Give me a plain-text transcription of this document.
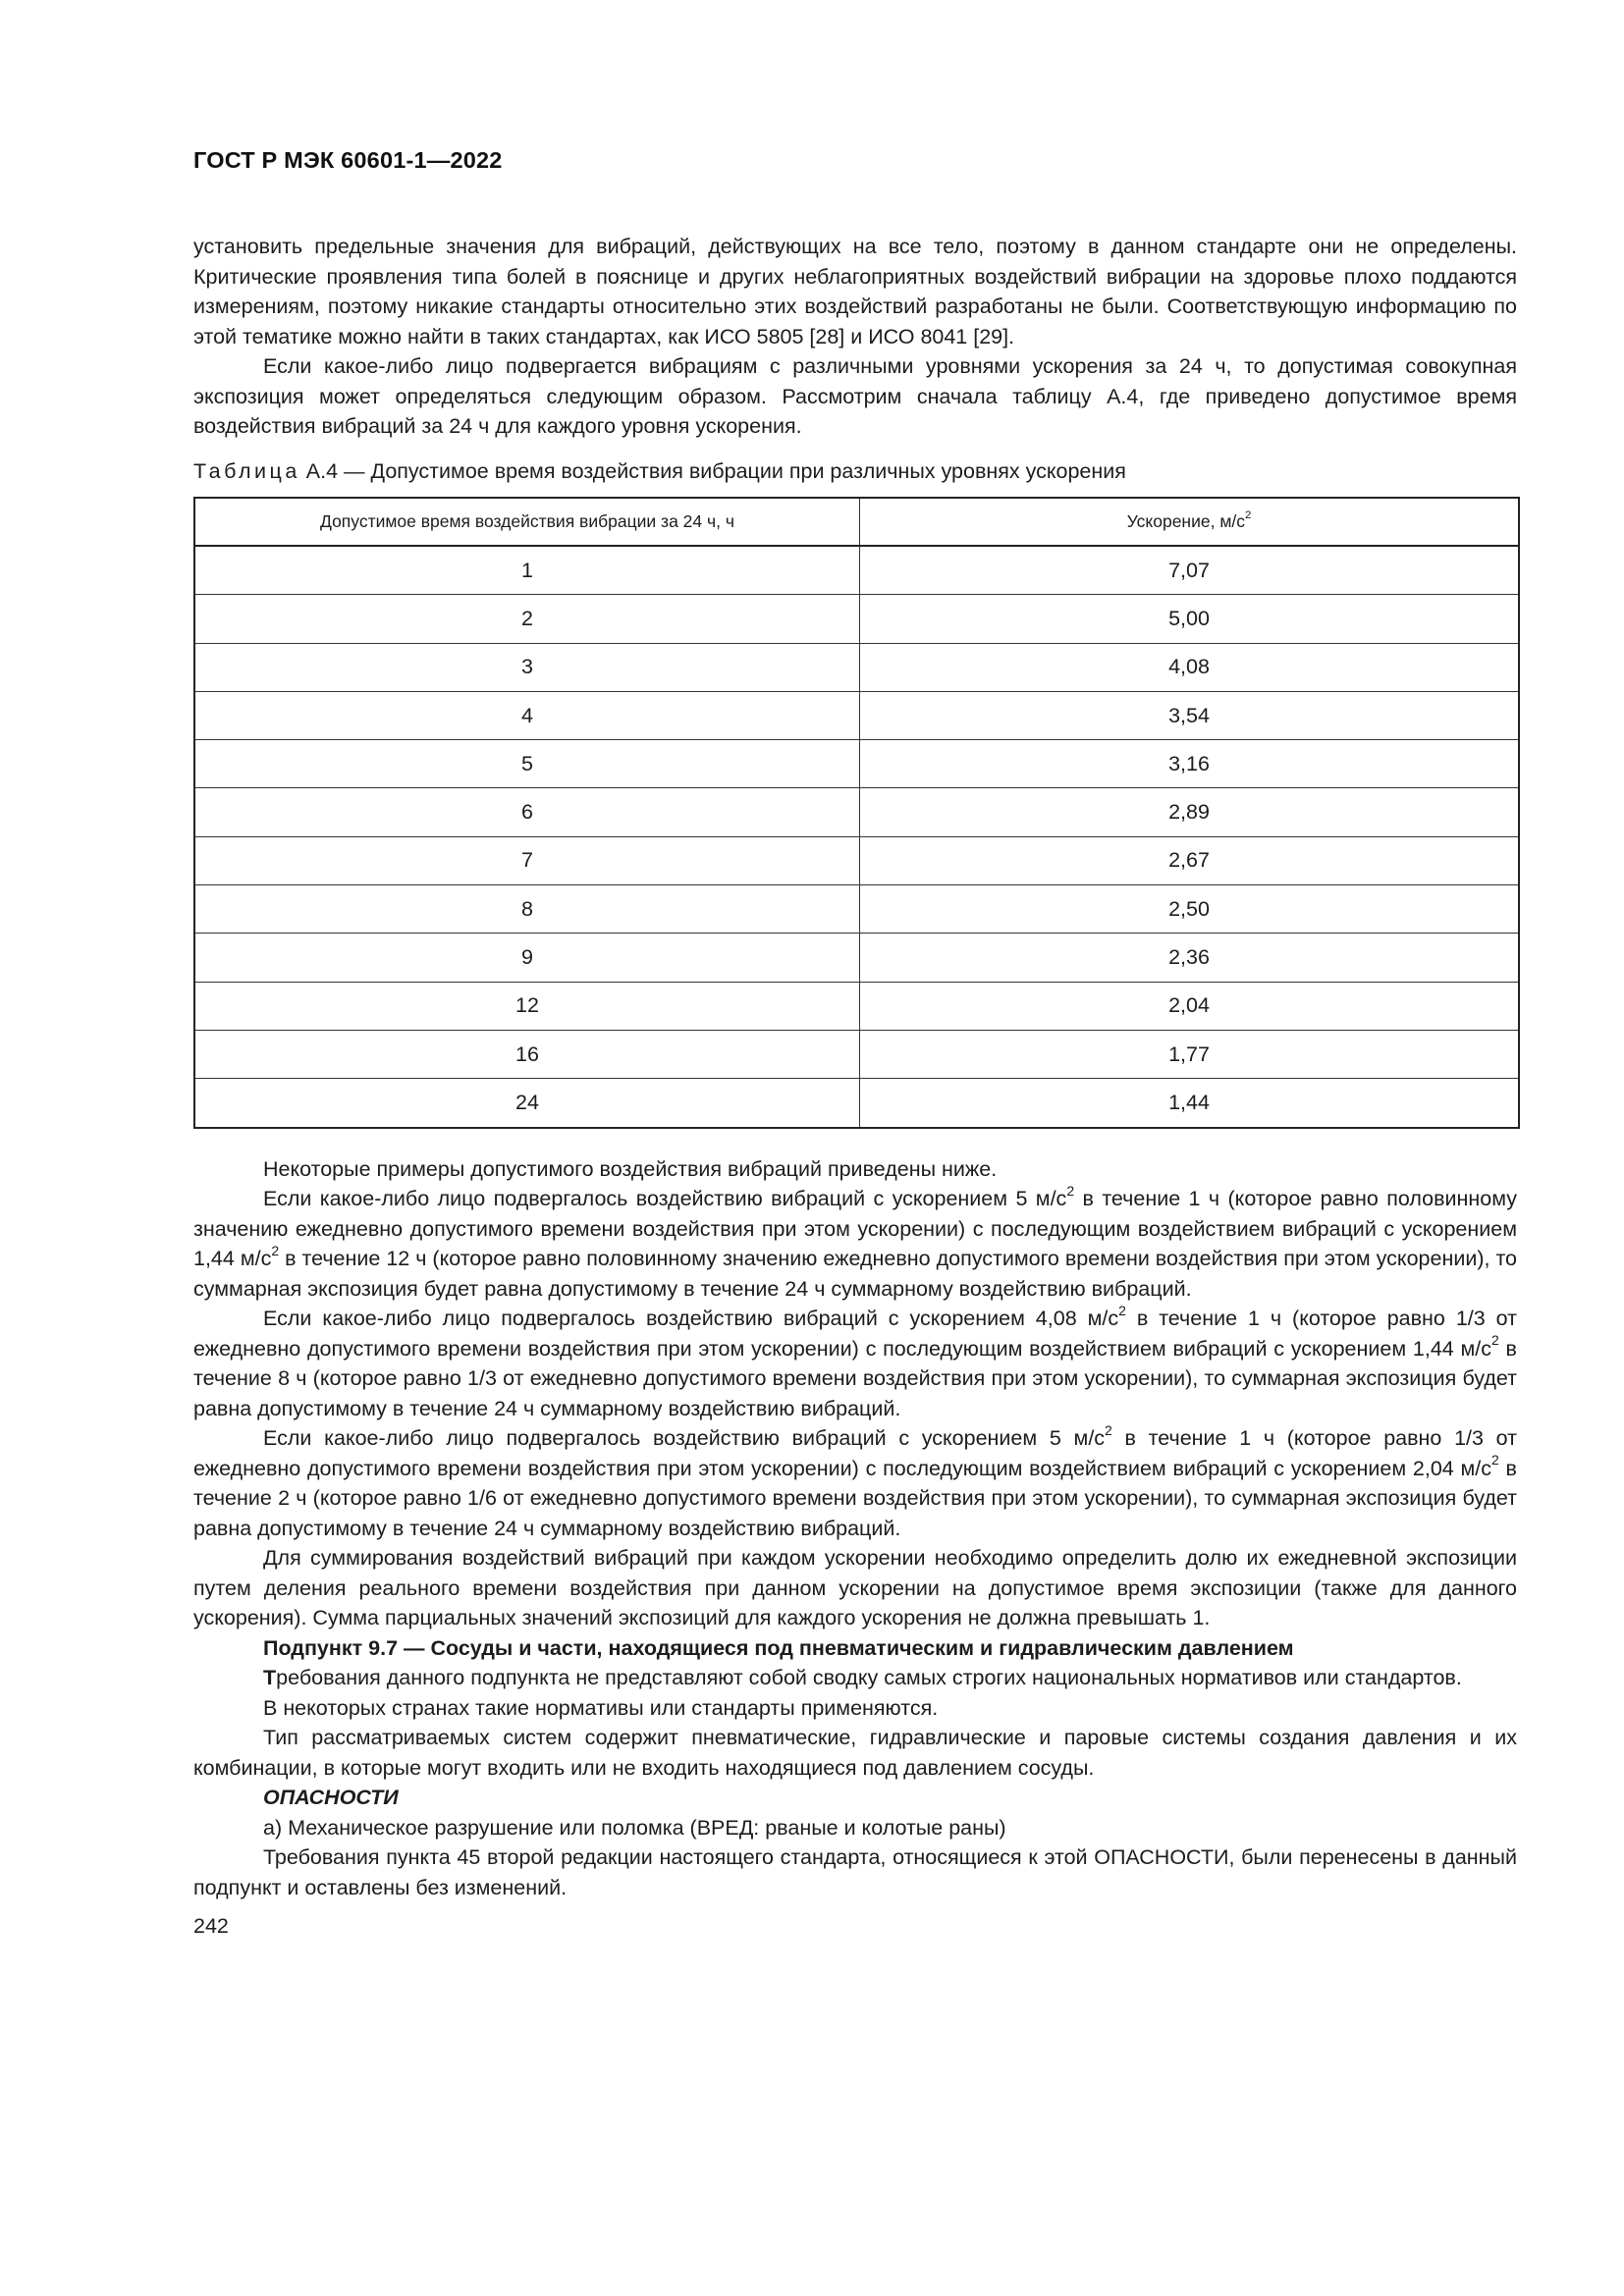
ГОСТ Р МЭК 60601-1—2022

установить предельные значения для вибраций, действующих на все тело, поэтому в данном стандарте они не определены. Критические проявления типа болей в пояснице и других неблагоприятных воздействий вибрации на здоровье плохо поддаются измерениям, поэтому никакие стандарты относительно этих воздействий разработаны не были. Соответствующую информацию по этой тематике можно найти в таких стандартах, как ИСО 5805 [28] и ИСО 8041 [29].

Если какое-либо лицо подвергается вибрациям с различными уровнями ускорения за 24 ч, то допустимая совокупная экспозиция может определяться следующим образом. Рассмотрим сначала таблицу А.4, где приведено допустимое время воздействия вибраций за 24 ч для каждого уровня ускорения.

Таблица А.4 — Допустимое время воздействия вибрации при различных уровнях ускорения
Допустимое время воздействия вибрации за 24 ч, ч	Ускорение, $м/с^2$
1	7,07
2	5,00
3	4,08
4	3,54
5	3,16
6	2,89
7	2,67
8	2,50
9	2,36
12	2,04
16	1,77
24	1,44

Некоторые примеры допустимого воздействия вибраций приведены ниже.

Если какое-либо лицо подвергалось воздействию вибраций с ускорением 5 $м/с^2$ в течение 1 ч (которое равно половинному значению ежедневно допустимого времени воздействия при этом ускорении) с последующим воздействием вибраций с ускорением 1,44 $м/с^2$ в течение 12 ч (которое равно половинному значению ежедневно допустимого времени воздействия при этом ускорении), то суммарная экспозиция будет равна допустимому в течение 24 ч суммарному воздействию вибраций.

Если какое-либо лицо подвергалось воздействию вибраций с ускорением 4,08 $м/с^2$ в течение 1 ч (которое равно 1/3 от ежедневно допустимого времени воздействия при этом ускорении) с последующим воздействием вибраций с ускорением 1,44 $м/с^2$ в течение 8 ч (которое равно 1/3 от ежедневно допустимого времени воздействия при этом ускорении), то суммарная экспозиция будет равна допустимому в течение 24 ч суммарному воздействию вибраций.

Если какое-либо лицо подвергалось воздействию вибраций с ускорением 5 $м/с^2$ в течение 1 ч (которое равно 1/3 от ежедневно допустимого времени воздействия при этом ускорении) с последующим воздействием вибраций с ускорением 2,04 $м/с^2$ в течение 2 ч (которое равно 1/6 от ежедневно допустимого времени воздействия при этом ускорении), то суммарная экспозиция будет равна допустимому в течение 24 ч суммарному воздействию вибраций.

Для суммирования воздействий вибраций при каждом ускорении необходимо определить долю их ежедневной экспозиции путем деления реального времени воздействия при данном ускорении на допустимое время экспозиции (также для данного ускорения). Сумма парциальных значений экспозиций для каждого ускорения не должна превышать 1.

Подпункт 9.7 — Сосуды и части, находящиеся под пневматическим и гидравлическим давлением

Требования данного подпункта не представляют собой сводку самых строгих национальных нормативов или стандартов.

В некоторых странах такие нормативы или стандарты применяются.

Тип рассматриваемых систем содержит пневматические, гидравлические и паровые системы создания давления и их комбинации, в которые могут входить или не входить находящиеся под давлением сосуды.

ОПАСНОСТИ

a) Механическое разрушение или поломка (ВРЕД: рваные и колотые раны)

Требования пункта 45 второй редакции настоящего стандарта, относящиеся к этой ОПАСНОСТИ, были перенесены в данный подпункт и оставлены без изменений.

242
